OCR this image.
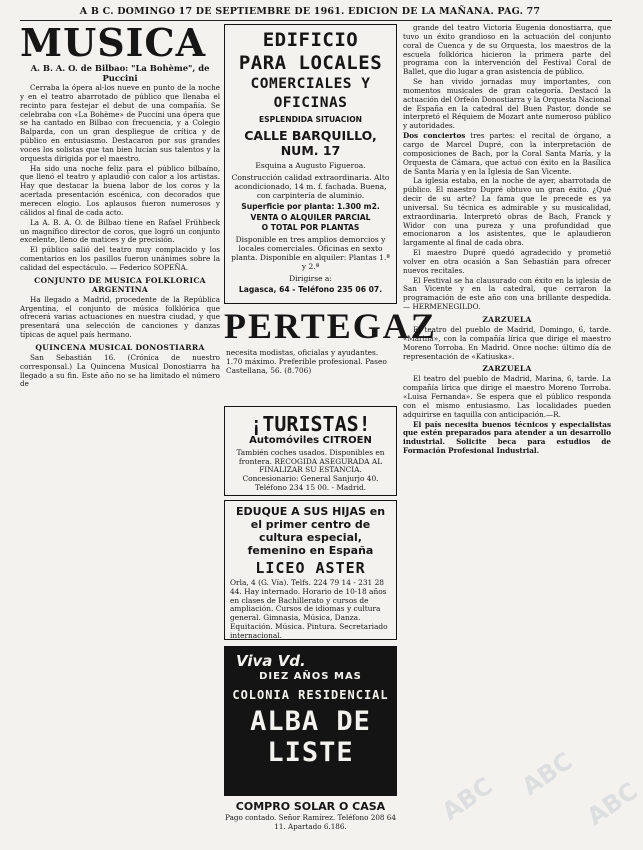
A B C. DOMINGO 17 DE SEPTIEMBRE DE 1961. EDICION DE LA MAÑANA. PAG. 77

MUSICA

A. B. A. O. de Bilbao: "La Bohème", de Puccini

Cerraba la ópera al-los nueve en punto de la noche y en el teatro abarrotado de público que llenaba el recinto para festejar el debut de una compañía. Se celebraba con «La Bohème» de Puccini una ópera que se ha cantado en Bilbao con frecuencia, y a Colegio Balparda, con un gran despliegue de crítica y de público en entusiasmo. Destacaron por sus grandes voces los solistas que tan bien lucían sus talentos y la orquesta dirigida por el maestro.

Ha sido una noche feliz para el público bilbaíno, que llenó el teatro y aplaudió con calor a los artistas. Hay que destacar la buena labor de los coros y la acertada presentación escénica, con decorados que merecen elogio. Los aplausos fueron numerosos y cálidos al final de cada acto.

La A. B. A. O. de Bilbao tiene en Rafael Frühbeck un magnífico director de coros, que logró un conjunto excelente, lleno de matices y de precisión.

El público salió del teatro muy complacido y los comentarios en los pasillos fueron unánimes sobre la calidad del espectáculo. — Federico SOPEÑA.

CONJUNTO DE MUSICA FOLKLORICA ARGENTINA

Ha llegado a Madrid, procedente de la República Argentina, el conjunto de música folklórica que ofrecerá varias actuaciones en nuestra ciudad, y que presentará una selección de canciones y danzas típicas de aquel país hermano.

QUINCENA MUSICAL DONOSTIARRA

San Sebastián 16. (Crónica de nuestro corresponsal.) La Quincena Musical Donostiarra ha llegado a su fin. Este año no se ha limitado el número de

EDIFICIO

PARA LOCALES

COMERCIALES Y OFICINAS

ESPLENDIDA SITUACION

CALLE BARQUILLO, NUM. 17

Esquina a Augusto Figueroa.

Construcción calidad extraordinaria. Alto acondicionado, 14 m. f. fachada. Buena, con carpintería de aluminio.

Superficie por planta: 1.300 m2.

VENTA O ALQUILER PARCIAL

O TOTAL POR PLANTAS

Disponible en tres amplios demorcios y locales comerciales. Oficinas en sexto planta. Disponible en alquiler: Plantas 1.ª y 2.ª

Dirigirse a:

Lagasca, 64 - Teléfono 235 06 07.

PERTEGAZ

necesita modistas, oficialas y ayudantes. 1.70 máximo. Preferible profesional. Paseo Castellana, 56. (8.706)

¡TURISTAS!

Automóviles CITROEN

También coches usados. Disponibles en frontera. RECOGIDA ASEGURADA AL FINALIZAR SU ESTANCIA. Concesionario: General Sanjurjo 40. Teléfono 234 15 00. - Madrid.

EDUQUE A SUS HIJAS en el primer centro de cultura especial, femenino en España

LICEO ASTER

Orla, 4 (G. Vía). Telfs. 224 79 14 - 231 28 44. Hay internado. Horario de 10-18 años en clases de Bachillerato y cursos de ampliación. Cursos de idiomas y cultura general. Gimnasia, Música, Danza. Equitación. Música. Pintura. Secretariado internacional.

Viva Vd.

DIEZ AÑOS MAS

COLONIA RESIDENCIAL

ALBA DE LISTE

COMPRO SOLAR O CASA

Pago contado. Señor Ramírez. Teléfono 208 64 11. Apartado 6.186.

grande del teatro Victoria Eugenia donostiarra, que tuvo un éxito grandioso en la actuación del conjunto coral de Cuenca y de su Orquesta, los maestros de la escuela folklórica hicieron la primera parte del programa con la intervención del Festival Coral de Ballet, que dio lugar a gran asistencia de público.

Se han vivido jornadas muy importantes, con momentos musicales de gran categoría. Destacó la actuación del Orfeón Donostiarra y la Orquesta Nacional de España en la catedral del Buen Pastor, donde se interpretó el Réquiem de Mozart ante numeroso público y autoridades.

Dos conciertos tres partes: el recital de órgano, a cargo de Marcel Dupré, con la interpretación de composiciones de Bach, por la Coral Santa María, y la Orquesta de Cámara, que actuó con éxito en la Basílica de Santa María y en la Iglesia de San Vicente.

La iglesia estaba, en la noche de ayer, abarrotada de público. El maestro Dupré obtuvo un gran éxito. ¿Qué decir de su arte? La fama que le precede es ya universal. Su técnica es admirable y su musicalidad, extraordinaria. Interpretó obras de Bach, Franck y Widor con una pureza y una profundidad que emocionaron a los asistentes, que le aplaudieron largamente al final de cada obra.

El maestro Dupré quedó agradecido y prometió volver en otra ocasión a San Sebastián para ofrecer nuevos recitales.

El Festival se ha clausurado con éxito en la iglesia de San Vicente y en la catedral, que cerraron la programación de este año con una brillante despedida. — HERMENEGILDO.

ZARZUELA

El teatro del pueblo de Madrid, Domingo, 6, tarde. «Marina», con la compañía lírica que dirige el maestro Moreno Torroba. En Madrid. Once noche: último día de representación de «Katiuska».

ZARZUELA

El teatro del pueblo de Madrid, Marina, 6, tarde. La compañía lírica que dirige el maestro Moreno Torroba. «Luisa Fernanda». Se espera que el público responda con el mismo entusiasmo. Las localidades pueden adquirirse en taquilla con anticipación.—R.

El país necesita buenos técnicos y especialistas que estén preparados para atender a un desarrollo industrial. Solicite beca para estudios de Formación Profesional Industrial.

ABC ABC
ABC
